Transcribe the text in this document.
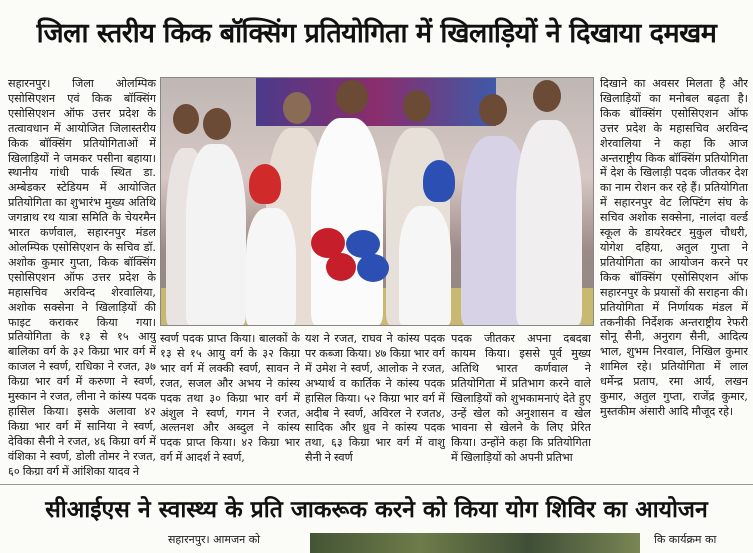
जिला स्तरीय किक बॉक्सिंग प्रतियोगिता में खिलाड़ियों ने दिखाया दमखम

सहारनपुर। जिला ओलम्पिक एसोसिएशन एवं किक बॉक्सिंग एसोसिएशन ऑफ उत्तर प्रदेश के तत्वावधान में आयोजित जिलास्तरीय किक बॉक्सिंग प्रतियोगिताओं में खिलाड़ियों ने जमकर पसीना बहाया। स्थानीय गांधी पार्क स्थित डा. अम्बेडकर स्टेडियम में आयोजित प्रतियोगिता का शुभारंभ मुख्य अतिथि जगन्नाथ रथ यात्रा समिति के चेयरमैन भारत कर्णवाल, सहारनपुर मंडल ओलम्पिक एसोसिएशन के सचिव डॉ. अशोक कुमार गुप्ता, किक बॉक्सिंग एसोसिएशन ऑफ उत्तर प्रदेश के महासचिव अरविन्द शेरवालिया, अशोक सक्सेना ने खिलाड़ियों की फाइट कराकर किया गया। प्रतियोगिता के १३ से १५ आयु बालिका वर्ग के ३२ किग्रा भार वर्ग में काजल ने स्वर्ण, राधिका ने रजत, ३७ किग्रा भार वर्ग में करुणा ने स्वर्ण, मुस्कान ने रजत, लीना ने कांस्य पदक हासिल किया। इसके अलावा ४२ किग्रा भार वर्ग में सानिया ने स्वर्ण, देविका सैनी ने रजत, ४६ किग्रा वर्ग में वंशिका ने स्वर्ण, डोली तोमर ने रजत, ६० किग्रा वर्ग में आंशिका यादव ने

स्वर्ण पदक प्राप्त किया। बालकों के १३ से १५ आयु वर्ग के ३२ किग्रा भार वर्ग में लक्की स्वर्ण, सावन ने रजत, सजल और अभय ने कांस्य पदक तथा ३० किग्रा भार वर्ग में अंशुल ने स्वर्ण, गगन ने रजत, अल्तनश और अब्दुल ने कांस्य पदक प्राप्त किया। ४२ किग्रा भार वर्ग में आदर्श ने स्वर्ण,

यश ने रजत, राघव ने कांस्य पदक पर कब्जा किया। ४७ किग्रा भार वर्ग में उमेश ने स्वर्ण, आलोक ने रजत, अभ्यार्थ व कार्तिक ने कांस्य पदक हासिल किया। ५२ किग्रा भार वर्ग में अदीब ने स्वर्ण, अविरल ने रजत४, सादिक और ध्रुव ने कांस्य पदक तथा, ६३ किग्रा भार वर्ग में वाशु सैनी ने स्वर्ण

पदक जीतकर अपना दबदबा कायम किया। इससे पूर्व मुख्य अतिथि भारत कर्णवाल ने प्रतियोगिता में प्रतिभाग करने वाले खिलाड़ियों को शुभकामनाएं देते हुए उन्हें खेल को अनुशासन व खेल भावना से खेलने के लिए प्रेरित किया। उन्होंने कहा कि प्रतियोगिता में खिलाड़ियों को अपनी प्रतिभा

दिखाने का अवसर मिलता है और खिलाड़ियों का मनोबल बढ़ता है। किक बॉक्सिंग एसोसिएशन ऑफ उत्तर प्रदेश के महासचिव अरविन्द शेरवालिया ने कहा कि आज अन्तराष्ट्रीय किक बॉक्सिंग प्रतियोगिता में देश के खिलाड़ी पदक जीतकर देश का नाम रोशन कर रहे हैं। प्रतियोगिता में सहारनपुर वेट लिफ्टिंग संघ के सचिव अशोक सक्सेना, नालंदा वर्ल्ड स्कूल के डायरेक्टर मुकुल चौधरी, योगेश दहिया, अतुल गुप्ता ने प्रतियोगिता का आयोजन करने पर किक बॉक्सिंग एसोसिएशन ऑफ सहारनपुर के प्रयासों की सराहना की। प्रतियोगिता में निर्णायक मंडल में तकनीकी निर्देशक अन्तराष्ट्रीय रेफरी सोनू सैनी, अनुराग सैनी, आदित्य भाल, शुभम निरवाल, निखिल कुमार शामिल रहे। प्रतियोगिता में लाल धर्मेन्द्र प्रताप, रमा आर्य, लखन कुमार, अतुल गुप्ता, राजेंद्र कुमार, मुस्तकीम अंसारी आदि मौजूद रहे।

सीआईएस ने स्वास्थ्य के प्रति जाकरूक करने को किया योग शिविर का आयोजन
सहारनपुर। आमजन को	कि कार्यक्रम का
